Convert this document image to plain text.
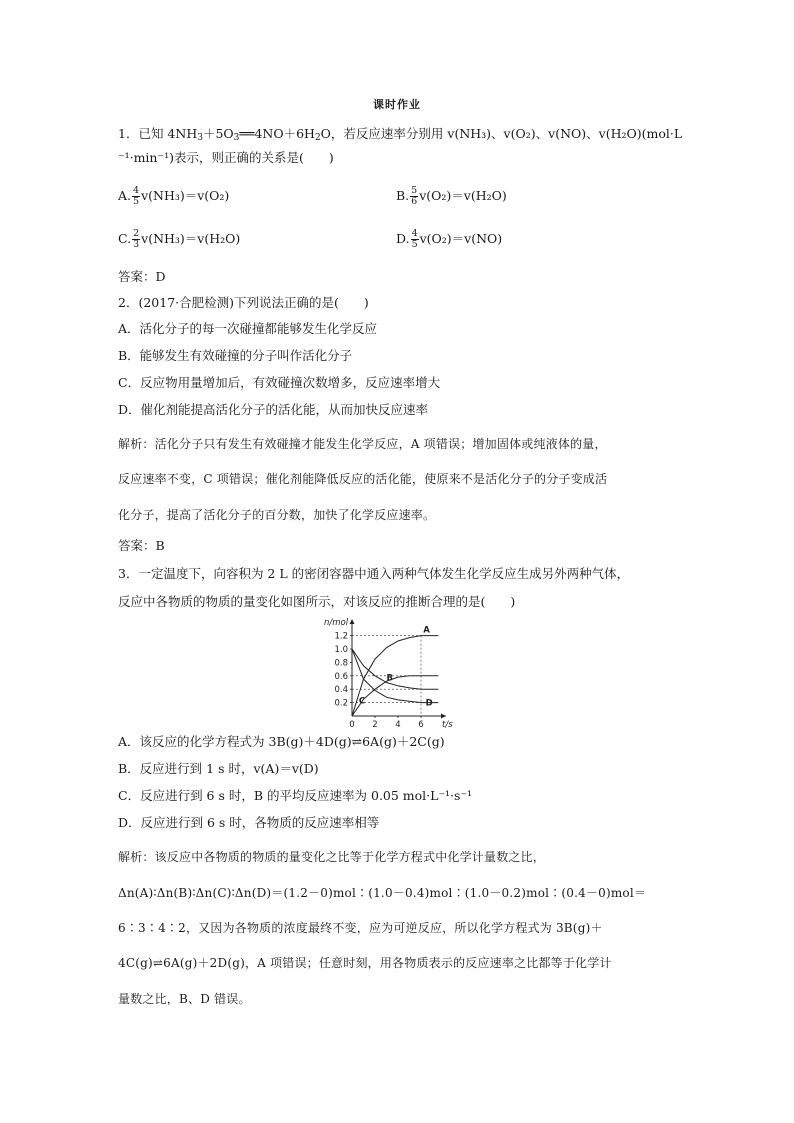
课时作业
1．已知 $4NH_3+5O_3══4NO+6H_2O$，若反应速率分别用 v(NH₃)、v(O₂)、v(NO)、v(H₂O)(mol·L
⁻¹·min⁻¹)表示，则正确的关系是(　　)
A. $\frac{4}{5} v(NH_3)=v(O_2)$	B. $\frac{5}{6} v(O_2)=v(H_2O)$
C. $\frac{2}{3} v(NH_3)=v(H_2O)$	D. $\frac{4}{5} v(O_2)=v(NO)$
答案：D
2．(2017·合肥检测)下列说法正确的是(　　)
A．活化分子的每一次碰撞都能够发生化学反应
B．能够发生有效碰撞的分子叫作活化分子
C．反应物用量增加后，有效碰撞次数增多，反应速率增大
D．催化剂能提高活化分子的活化能，从而加快反应速率
解析：活化分子只有发生有效碰撞才能发生化学反应，A 项错误；增加固体或纯液体的量，
反应速率不变，C 项错误；催化剂能降低反应的活化能，使原来不是活化分子的分子变成活
化分子，提高了活化分子的百分数，加快了化学反应速率。
答案：B
3．一定温度下，向容积为 2 L 的密闭容器中通入两种气体发生化学反应生成另外两种气体，
反应中各物质的物质的量变化如图所示，对该反应的推断合理的是(　　)
0.2
0.4
0.6
0.8
1.0
1.2
0 2 4 6 t/s
n/mol
A
B
C	D
A．该反应的化学方程式为 3B(g)＋4D(g)⇌6A(g)＋2C(g)
B．反应进行到 1 s 时，v(A)＝v(D)
C．反应进行到 6 s 时，B 的平均反应速率为 0.05 mol·L⁻¹·s⁻¹
D．反应进行到 6 s 时，各物质的反应速率相等
解析：该反应中各物质的物质的量变化之比等于化学方程式中化学计量数之比，
Δn(A)∶Δn(B)∶Δn(C)∶Δn(D)＝(1.2－0)mol∶(1.0－0.4)mol∶(1.0－0.2)mol∶(0.4－0)mol＝
6∶3∶4∶2，又因为各物质的浓度最终不变，应为可逆反应，所以化学方程式为 3B(g)＋
4C(g)⇌6A(g)＋2D(g)，A 项错误；任意时刻，用各物质表示的反应速率之比都等于化学计
量数之比，B、D 错误。
